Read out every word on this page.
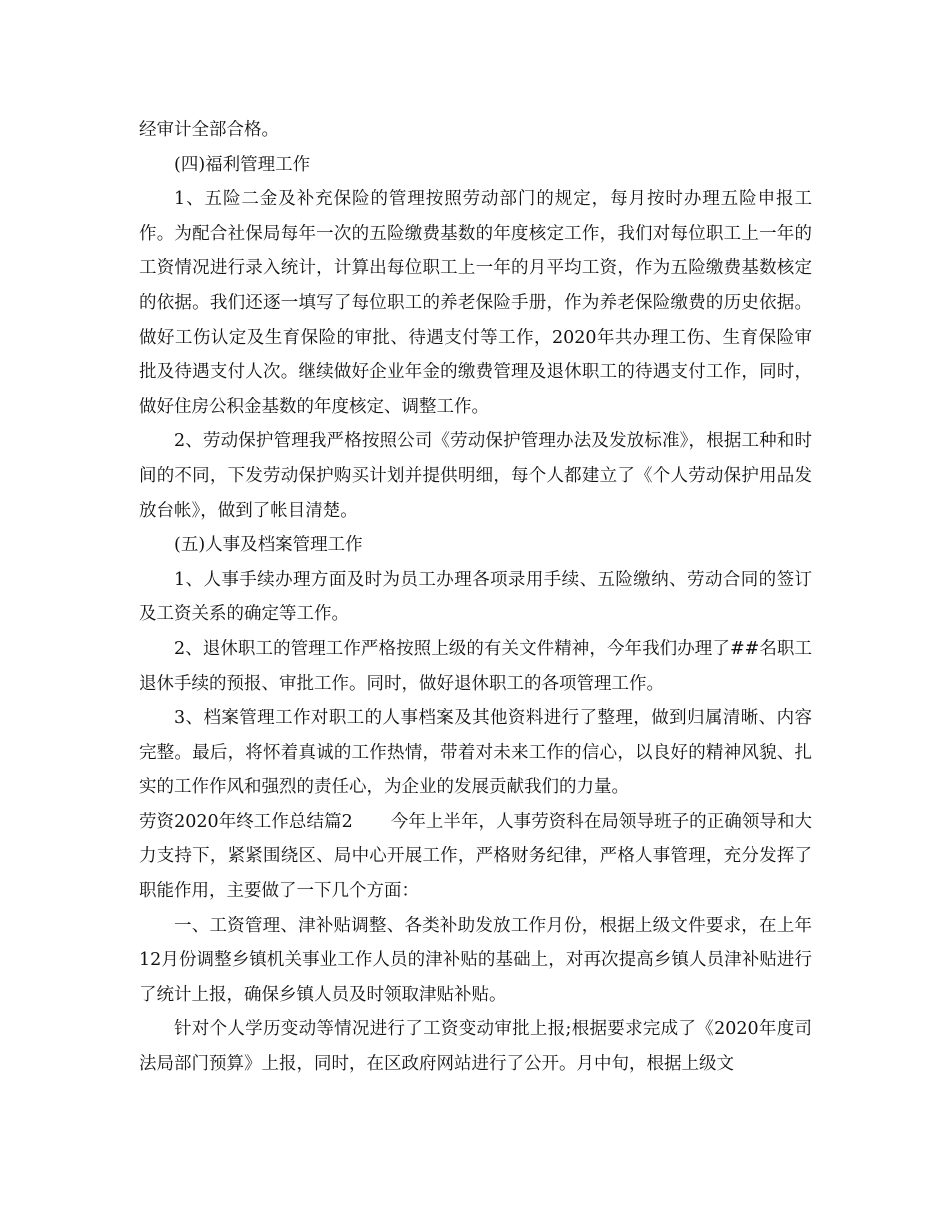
经审计全部合格。

(四)福利管理工作

1、五险二金及补充保险的管理按照劳动部门的规定，每月按时办理五险申报工作。为配合社保局每年一次的五险缴费基数的年度核定工作，我们对每位职工上一年的工资情况进行录入统计，计算出每位职工上一年的月平均工资，作为五险缴费基数核定的依据。我们还逐一填写了每位职工的养老保险手册，作为养老保险缴费的历史依据。做好工伤认定及生育保险的审批、待遇支付等工作，2020年共办理工伤、生育保险审批及待遇支付人次。继续做好企业年金的缴费管理及退休职工的待遇支付工作，同时，做好住房公积金基数的年度核定、调整工作。

2、劳动保护管理我严格按照公司《劳动保护管理办法及发放标准》，根据工种和时间的不同，下发劳动保护购买计划并提供明细，每个人都建立了《个人劳动保护用品发放台帐》，做到了帐目清楚。

(五)人事及档案管理工作

1、人事手续办理方面及时为员工办理各项录用手续、五险缴纳、劳动合同的签订及工资关系的确定等工作。

2、退休职工的管理工作严格按照上级的有关文件精神，今年我们办理了##名职工退休手续的预报、审批工作。同时，做好退休职工的各项管理工作。

3、档案管理工作对职工的人事档案及其他资料进行了整理，做到归属清晰、内容完整。最后，将怀着真诚的工作热情，带着对未来工作的信心，以良好的精神风貌、扎实的工作作风和强烈的责任心，为企业的发展贡献我们的力量。

劳资2020年终工作总结篇2 今年上半年，人事劳资科在局领导班子的正确领导和大力支持下，紧紧围绕区、局中心开展工作，严格财务纪律，严格人事管理，充分发挥了职能作用，主要做了一下几个方面：

一、工资管理、津补贴调整、各类补助发放工作月份，根据上级文件要求，在上年12月份调整乡镇机关事业工作人员的津补贴的基础上，对再次提高乡镇人员津补贴进行了统计上报，确保乡镇人员及时领取津贴补贴。

针对个人学历变动等情况进行了工资变动审批上报;根据要求完成了《2020年度司法局部门预算》上报，同时，在区政府网站进行了公开。月中旬，根据上级文
